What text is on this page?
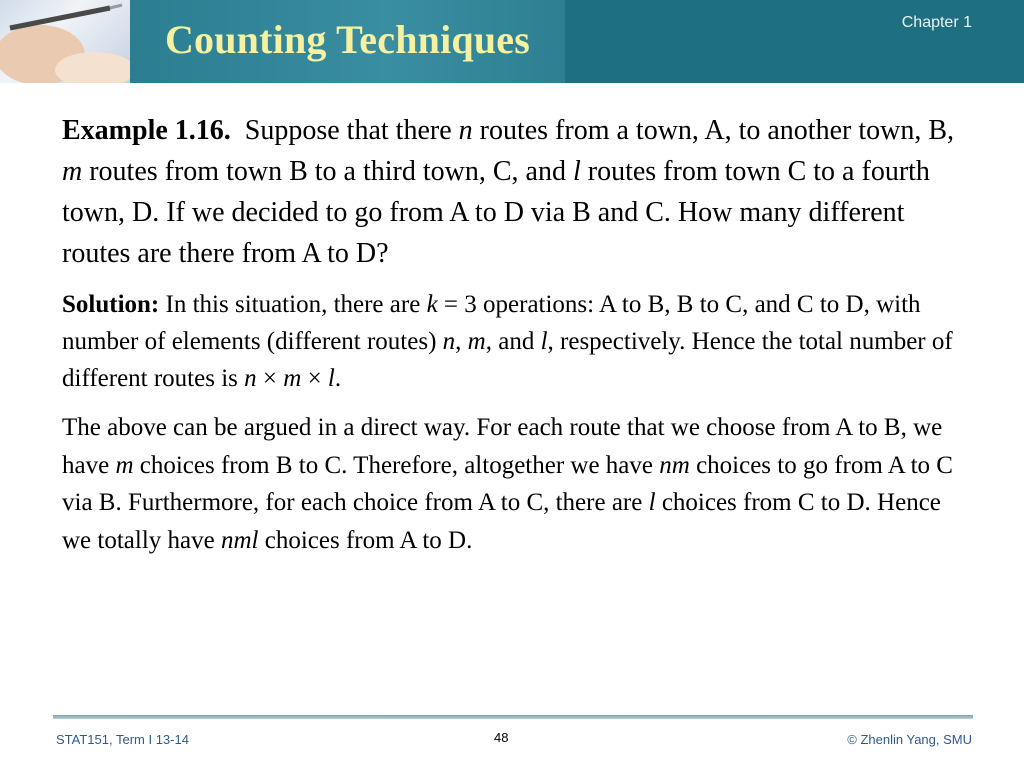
Counting Techniques	Chapter 1

Example 1.16. Suppose that there n routes from a town, A, to another town, B, m routes from town B to a third town, C, and l routes from town C to a fourth town, D. If we decided to go from A to D via B and C. How many different routes are there from A to D?

Solution: In this situation, there are k = 3 operations: A to B, B to C, and C to D, with number of elements (different routes) n, m, and l, respectively. Hence the total number of different routes is n × m × l.

The above can be argued in a direct way. For each route that we choose from A to B, we have m choices from B to C. Therefore, altogether we have nm choices to go from A to C via B. Furthermore, for each choice from A to C, there are l choices from C to D. Hence we totally have nml choices from A to D.

STAT151, Term I 13-14	48	© Zhenlin Yang, SMU
